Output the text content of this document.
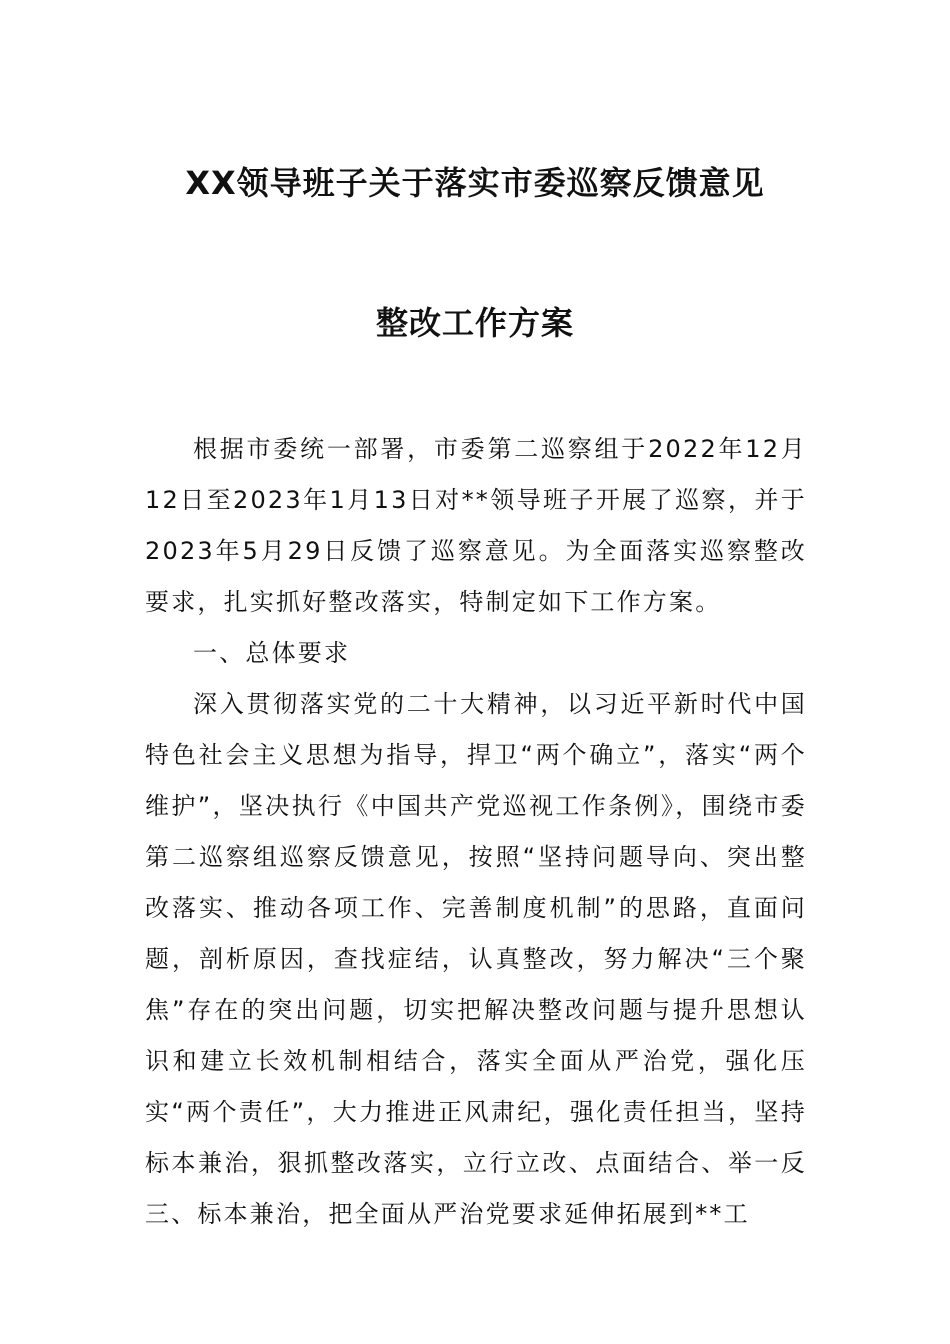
XX领导班子关于落实市委巡察反馈意见
整改工作方案

根据市委统一部署，市委第二巡察组于2022年12月12日至2023年1月13日对**领导班子开展了巡察，并于2023年5月29日反馈了巡察意见。为全面落实巡察整改要求，扎实抓好整改落实，特制定如下工作方案。

一、总体要求

深入贯彻落实党的二十大精神，以习近平新时代中国特色社会主义思想为指导，捍卫“两个确立”，落实“两个维护”，坚决执行《中国共产党巡视工作条例》，围绕市委第二巡察组巡察反馈意见，按照“坚持问题导向、突出整改落实、推动各项工作、完善制度机制”的思路，直面问题，剖析原因，查找症结，认真整改，努力解决“三个聚焦”存在的突出问题，切实把解决整改问题与提升思想认识和建立长效机制相结合，落实全面从严治党，强化压实“两个责任”，大力推进正风肃纪，强化责任担当，坚持标本兼治，狠抓整改落实，立行立改、点面结合、举一反三、标本兼治，把全面从严治党要求延伸拓展到**工
